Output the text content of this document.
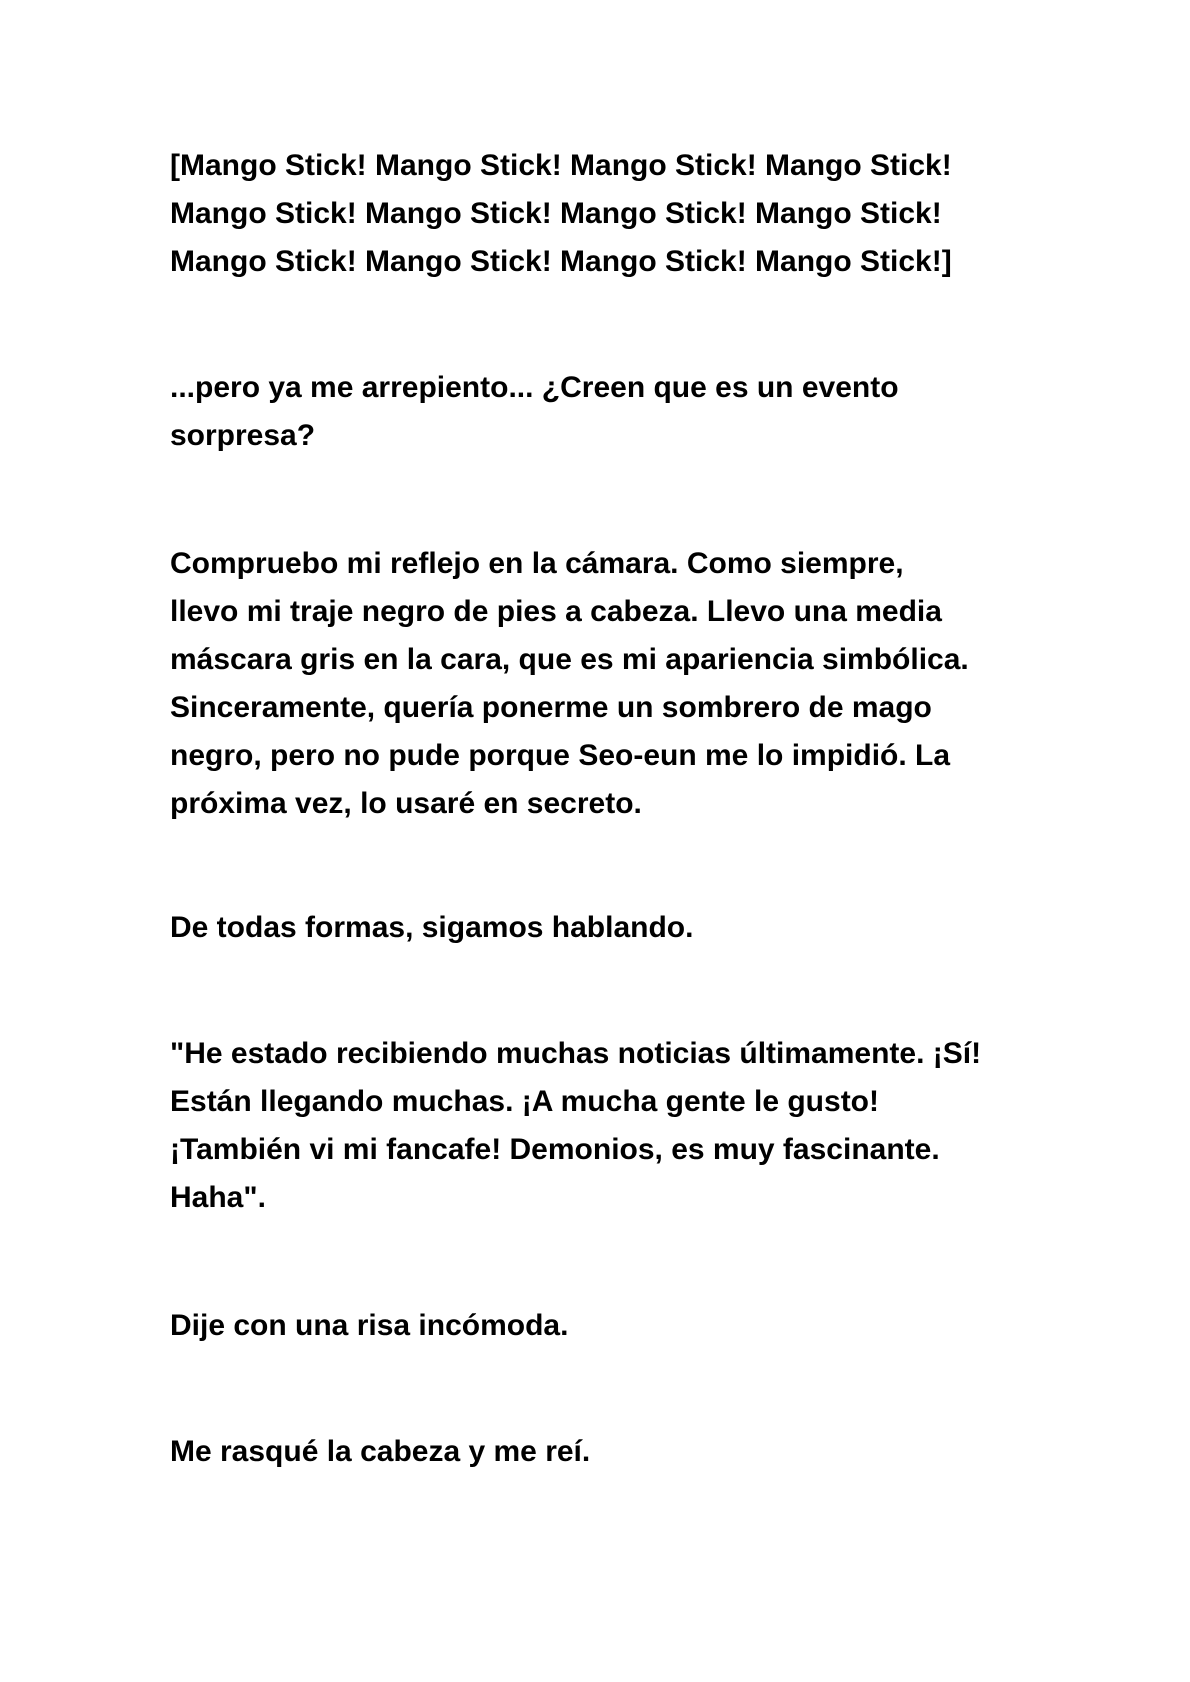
[Mango Stick! Mango Stick! Mango Stick! Mango Stick!
Mango Stick! Mango Stick! Mango Stick! Mango Stick!
Mango Stick! Mango Stick! Mango Stick! Mango Stick!]

...pero ya me arrepiento... ¿Creen que es un evento
sorpresa?

Compruebo mi reflejo en la cámara. Como siempre,
llevo mi traje negro de pies a cabeza. Llevo una media
máscara gris en la cara, que es mi apariencia simbólica.
Sinceramente, quería ponerme un sombrero de mago
negro, pero no pude porque Seo-eun me lo impidió. La
próxima vez, lo usaré en secreto.

De todas formas, sigamos hablando.

"He estado recibiendo muchas noticias últimamente. ¡Sí!
Están llegando muchas. ¡A mucha gente le gusto!
¡También vi mi fancafe! Demonios, es muy fascinante.
Haha".

Dije con una risa incómoda.

Me rasqué la cabeza y me reí.
